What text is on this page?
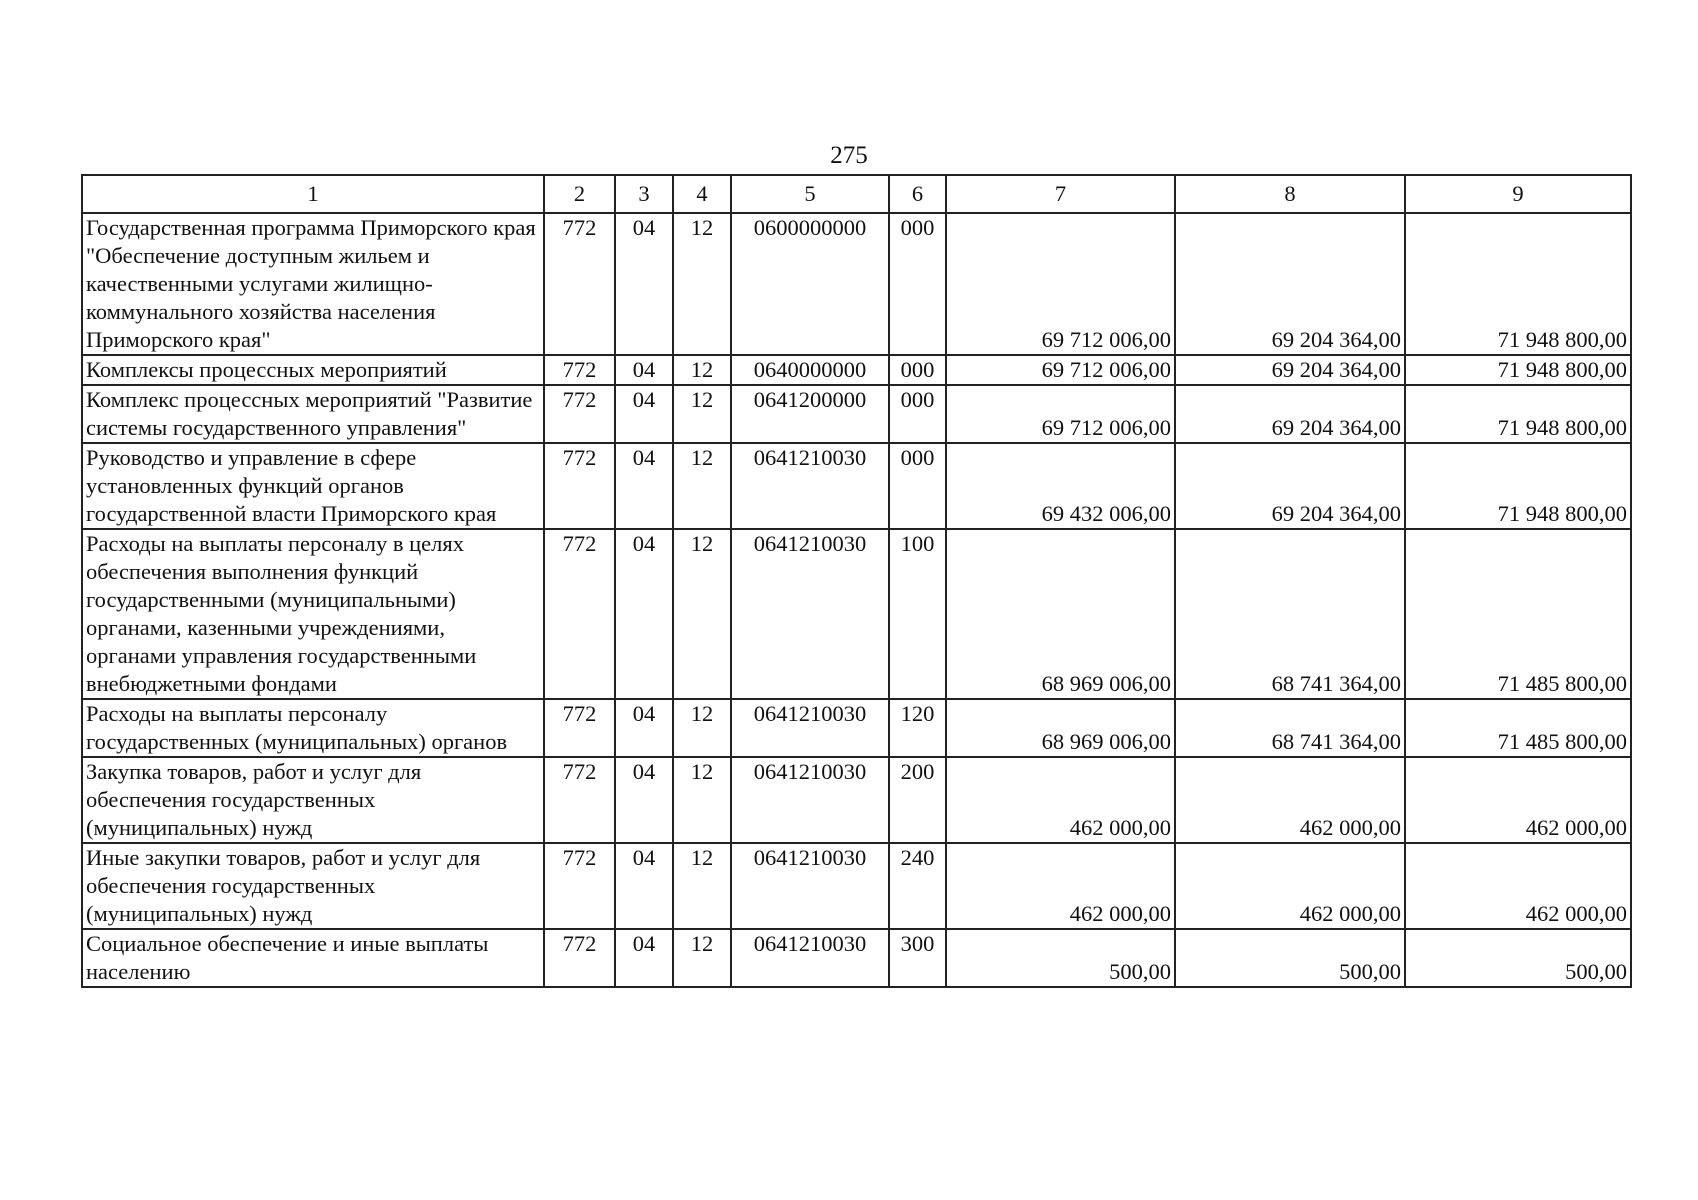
275
1	2	3	4	5	6	7	8	9
Государственная программа Приморского края "Обеспечение доступным жильем и качественными услугами жилищно-коммунального хозяйства населения Приморского края"	772	04	12	0600000000	000	69 712 006,00	69 204 364,00	71 948 800,00
Комплексы процессных мероприятий	772	04	12	0640000000	000	69 712 006,00	69 204 364,00	71 948 800,00
Комплекс процессных мероприятий "Развитие системы государственного управления"	772	04	12	0641200000	000	69 712 006,00	69 204 364,00	71 948 800,00
Руководство и управление в сфере установленных функций органов государственной власти Приморского края	772	04	12	0641210030	000	69 432 006,00	69 204 364,00	71 948 800,00
Расходы на выплаты персоналу в целях обеспечения выполнения функций государственными (муниципальными) органами, казенными учреждениями, органами управления государственными внебюджетными фондами	772	04	12	0641210030	100	68 969 006,00	68 741 364,00	71 485 800,00
Расходы на выплаты персоналу государственных (муниципальных) органов	772	04	12	0641210030	120	68 969 006,00	68 741 364,00	71 485 800,00
Закупка товаров, работ и услуг для обеспечения государственных (муниципальных) нужд	772	04	12	0641210030	200	462 000,00	462 000,00	462 000,00
Иные закупки товаров, работ и услуг для обеспечения государственных (муниципальных) нужд	772	04	12	0641210030	240	462 000,00	462 000,00	462 000,00
Социальное обеспечение и иные выплаты населению	772	04	12	0641210030	300	500,00	500,00	500,00
